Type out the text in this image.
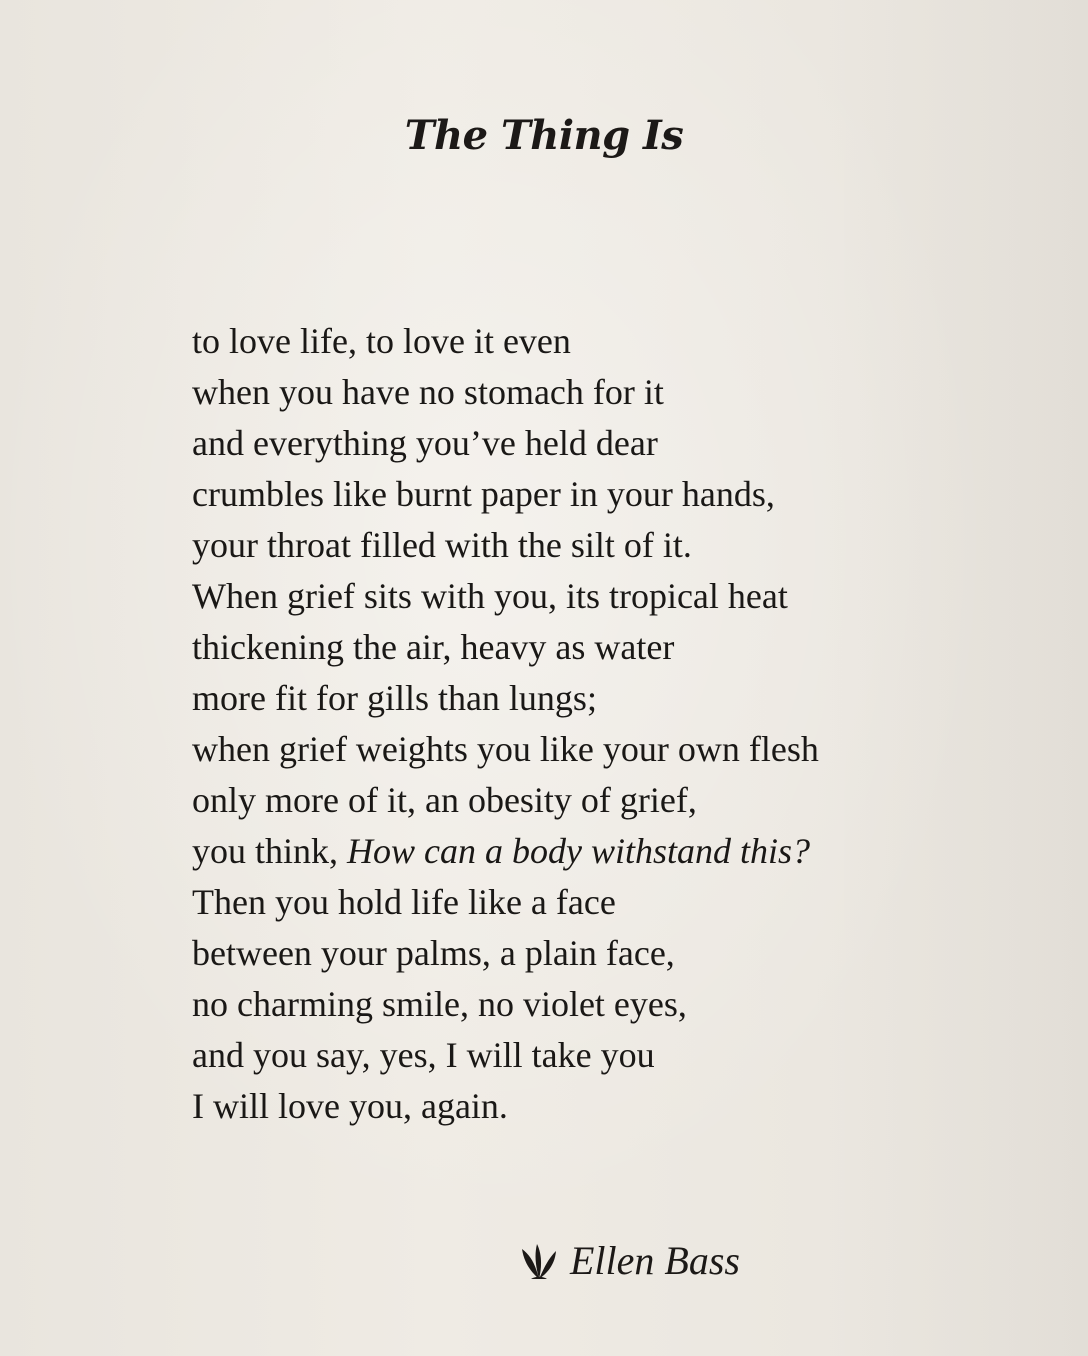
The Thing Is
to love life, to love it even
when you have no stomach for it
and everything you’ve held dear
crumbles like burnt paper in your hands,
your throat filled with the silt of it.
When grief sits with you, its tropical heat
thickening the air, heavy as water
more fit for gills than lungs;
when grief weights you like your own flesh
only more of it, an obesity of grief,
you think, How can a body withstand this?
Then you hold life like a face
between your palms, a plain face,
no charming smile, no violet eyes,
and you say, yes, I will take you
I will love you, again.
Ellen Bass
